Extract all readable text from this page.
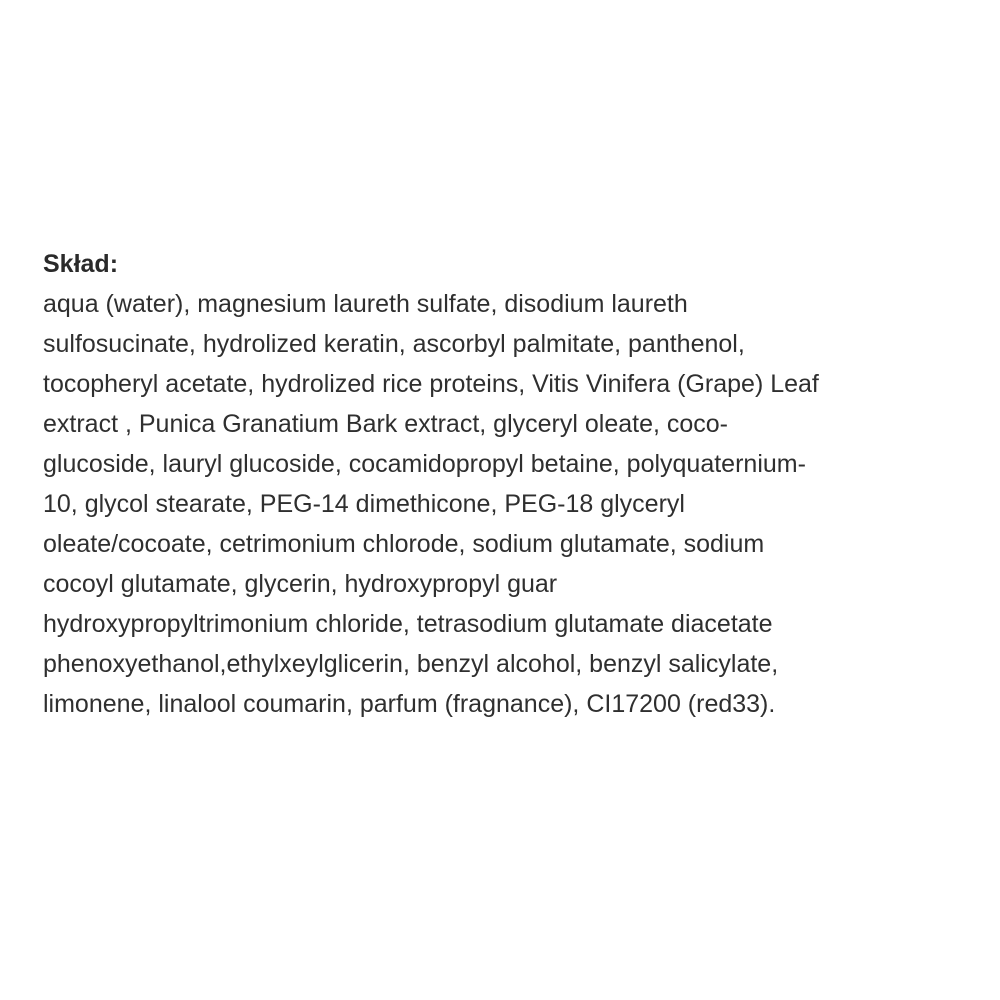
Skład:
aqua (water), magnesium laureth sulfate, disodium laureth
sulfosucinate, hydrolized keratin, ascorbyl palmitate, panthenol,
tocopheryl acetate, hydrolized rice proteins, Vitis Vinifera (Grape) Leaf
extract , Punica Granatium Bark extract, glyceryl oleate, coco-
glucoside, lauryl glucoside, cocamidopropyl betaine, polyquaternium-
10, glycol stearate, PEG-14 dimethicone, PEG-18 glyceryl
oleate/cocoate, cetrimonium chlorode, sodium glutamate, sodium
cocoyl glutamate, glycerin, hydroxypropyl guar
hydroxypropyltrimonium chloride, tetrasodium glutamate diacetate
phenoxyethanol,ethylxeylglicerin, benzyl alcohol, benzyl salicylate,
limonene, linalool coumarin, parfum (fragnance), CI17200 (red33).
